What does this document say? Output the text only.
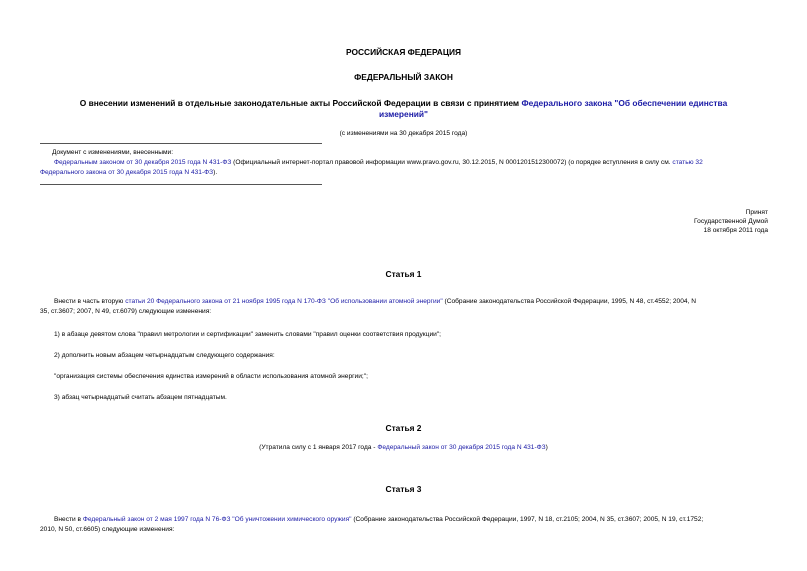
РОССИЙСКАЯ ФЕДЕРАЦИЯ
ФЕДЕРАЛЬНЫЙ ЗАКОН
О внесении изменений в отдельные законодательные акты Российской Федерации в связи с принятием Федерального закона "Об обеспечении единства
измерений"
(с изменениями на 30 декабря 2015 года)
Документ с изменениями, внесенными:
Федеральным законом от 30 декабря 2015 года N 431-ФЗ (Официальный интернет-портал правовой информации www.pravo.gov.ru, 30.12.2015, N 0001201512300072) (о порядке вступления в силу см. статью 32
Федерального закона от 30 декабря 2015 года N 431-ФЗ).
Принят
Государственной Думой
18 октября 2011 года
Статья 1
Внести в часть вторую статьи 20 Федерального закона от 21 ноября 1995 года N 170-ФЗ "Об использовании атомной энергии" (Собрание законодательства Российской Федерации, 1995, N 48, ст.4552; 2004, N
35, ст.3607; 2007, N 49, ст.6079) следующие изменения:
1) в абзаце девятом слова "правил метрологии и сертификации" заменить словами "правил оценки соответствия продукции";
2) дополнить новым абзацем четырнадцатым следующего содержания:
"организация системы обеспечения единства измерений в области использования атомной энергии;";
3) абзац четырнадцатый считать абзацем пятнадцатым.
Статья 2
(Утратила силу с 1 января 2017 года - Федеральный закон от 30 декабря 2015 года N 431-ФЗ)
Статья 3
Внести в Федеральный закон от 2 мая 1997 года N 76-ФЗ "Об уничтожении химического оружия" (Собрание законодательства Российской Федерации, 1997, N 18, ст.2105; 2004, N 35, ст.3607; 2005, N 19, ст.1752;
2010, N 50, ст.6605) следующие изменения:
